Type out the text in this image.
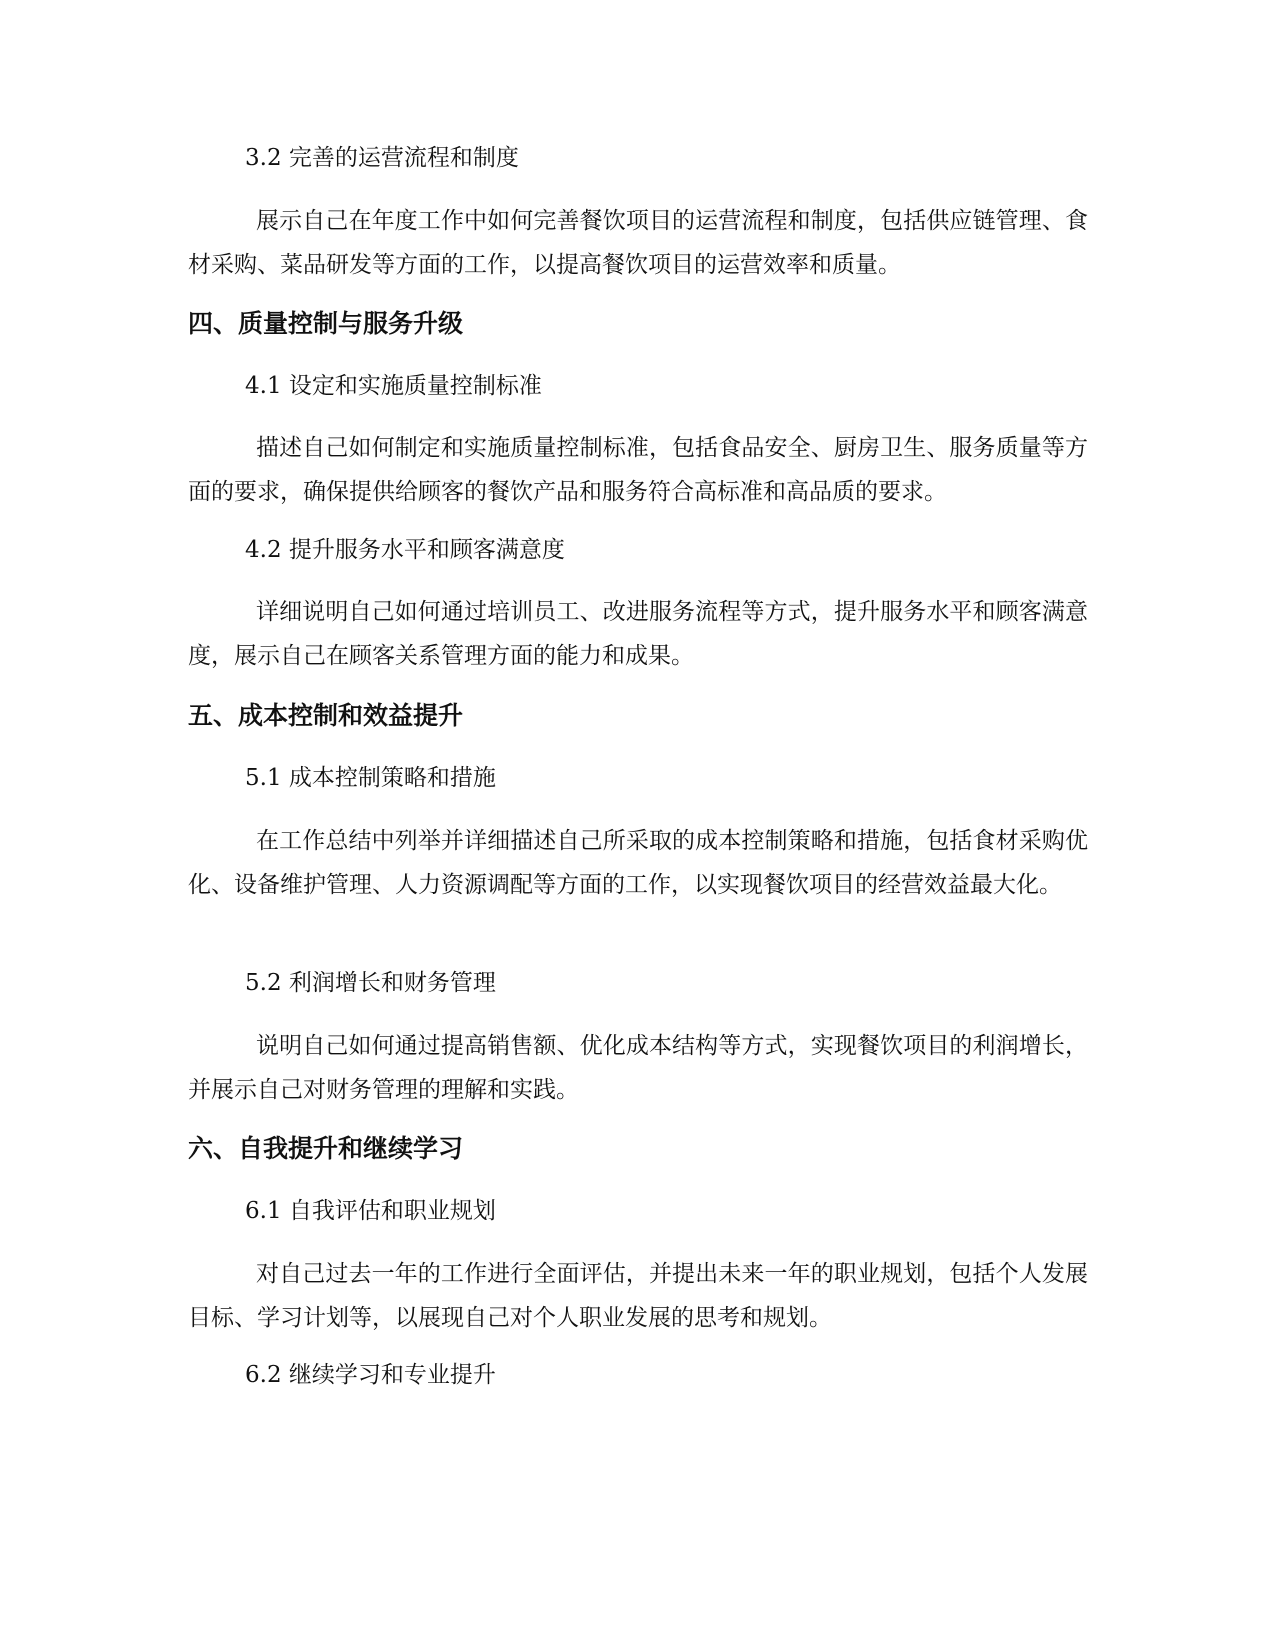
3.2 完善的运营流程和制度

展示自己在年度工作中如何完善餐饮项目的运营流程和制度，包括供应链管理、食材采购、菜品研发等方面的工作，以提高餐饮项目的运营效率和质量。

四、质量控制与服务升级

4.1 设定和实施质量控制标准

描述自己如何制定和实施质量控制标准，包括食品安全、厨房卫生、服务质量等方面的要求，确保提供给顾客的餐饮产品和服务符合高标准和高品质的要求。

4.2 提升服务水平和顾客满意度

详细说明自己如何通过培训员工、改进服务流程等方式，提升服务水平和顾客满意度，展示自己在顾客关系管理方面的能力和成果。

五、成本控制和效益提升

5.1 成本控制策略和措施

在工作总结中列举并详细描述自己所采取的成本控制策略和措施，包括食材采购优化、设备维护管理、人力资源调配等方面的工作，以实现餐饮项目的经营效益最大化。

5.2 利润增长和财务管理

说明自己如何通过提高销售额、优化成本结构等方式，实现餐饮项目的利润增长，并展示自己对财务管理的理解和实践。

六、自我提升和继续学习

6.1 自我评估和职业规划

对自己过去一年的工作进行全面评估，并提出未来一年的职业规划，包括个人发展目标、学习计划等，以展现自己对个人职业发展的思考和规划。

6.2 继续学习和专业提升
